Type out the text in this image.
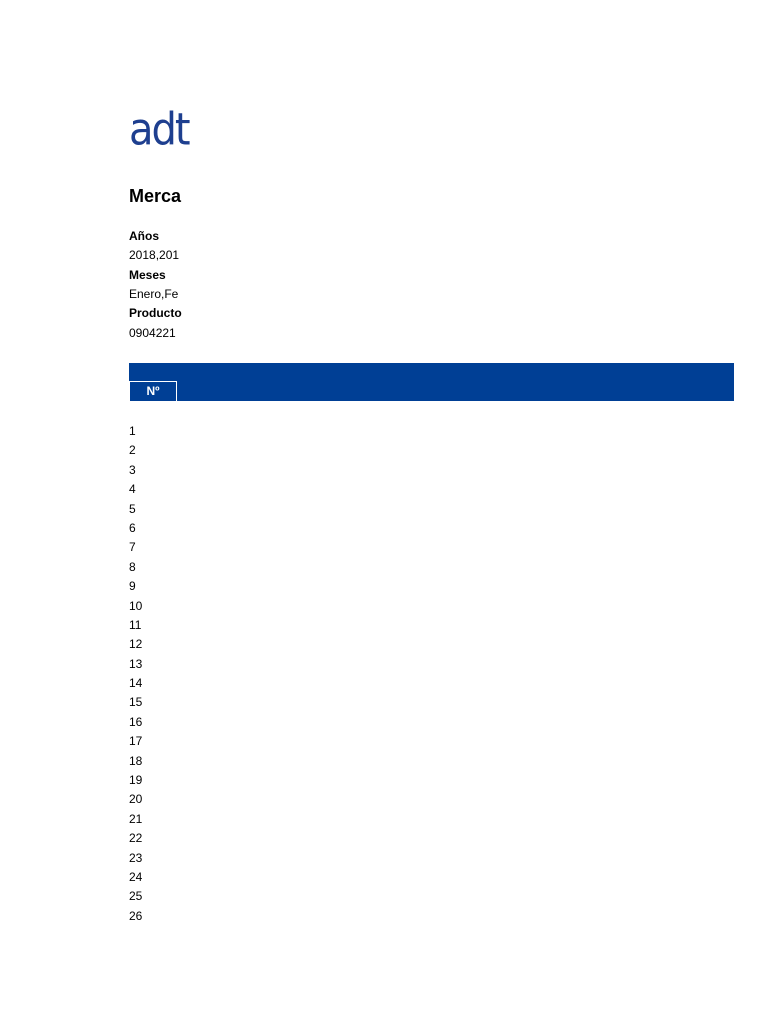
adt
Merca
Años
2018,201
Meses
Enero,Fe
Producto
0904221
Nº
1
2
3
4
5
6
7
8
9
10
11
12
13
14
15
16
17
18
19
20
21
22
23
24
25
26
